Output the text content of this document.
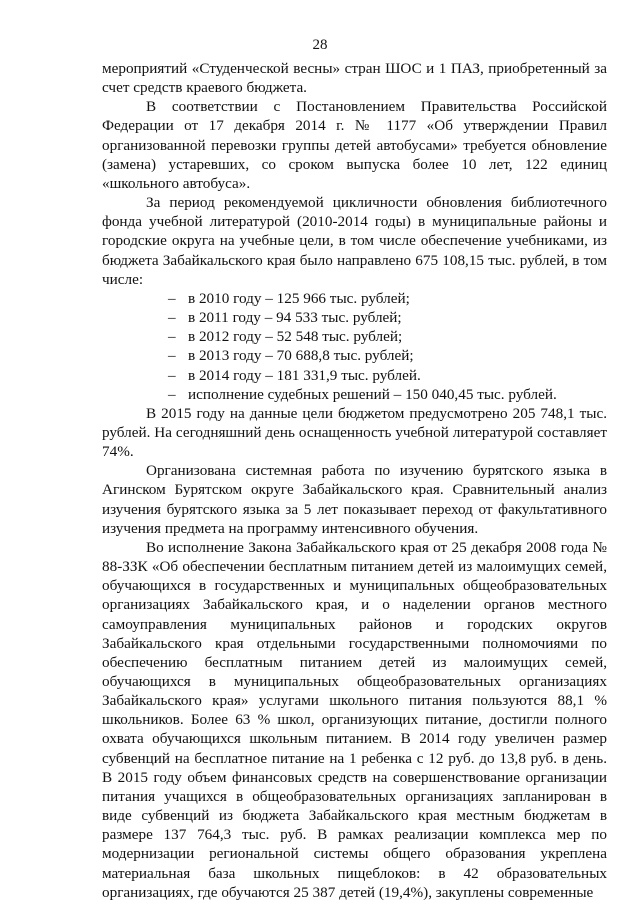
28

мероприятий «Студенческой весны» стран ШОС и 1 ПАЗ, приобретенный за счет средств краевого бюджета.

В соответствии с Постановлением Правительства Российской Федерации от 17 декабря 2014 г. № 1177 «Об утверждении Правил организованной перевозки группы детей автобусами» требуется обновление (замена) устаревших, со сроком выпуска более 10 лет, 122 единиц «школьного автобуса».

За период рекомендуемой цикличности обновления библиотечного фонда учебной литературой (2010-2014 годы) в муниципальные районы и городские округа на учебные цели, в том числе обеспечение учебниками, из бюджета Забайкальского края было направлено 675 108,15 тыс. рублей, в том числе:

– в 2010 году – 125 966 тыс. рублей;
– в 2011 году – 94 533 тыс. рублей;
– в 2012 году – 52 548 тыс. рублей;
– в 2013 году – 70 688,8 тыс. рублей;
– в 2014 году – 181 331,9 тыс. рублей.
– исполнение судебных решений – 150 040,45 тыс. рублей.

В 2015 году на данные цели бюджетом предусмотрено 205 748,1 тыс. рублей. На сегодняшний день оснащенность учебной литературой составляет 74%.

Организована системная работа по изучению бурятского языка в Агинском Бурятском округе Забайкальского края. Сравнительный анализ изучения бурятского языка за 5 лет показывает переход от факультативного изучения предмета на программу интенсивного обучения.

Во исполнение Закона Забайкальского края от 25 декабря 2008 года № 88-ЗЗК «Об обеспечении бесплатным питанием детей из малоимущих семей, обучающихся в государственных и муниципальных общеобразовательных организациях Забайкальского края, и о наделении органов местного самоуправления муниципальных районов и городских округов Забайкальского края отдельными государственными полномочиями по обеспечению бесплатным питанием детей из малоимущих семей, обучающихся в муниципальных общеобразовательных организациях Забайкальского края» услугами школьного питания пользуются 88,1 % школьников. Более 63 % школ, организующих питание, достигли полного охвата обучающихся школьным питанием. В 2014 году увеличен размер субвенций на бесплатное питание на 1 ребенка с 12 руб. до 13,8 руб. в день. В 2015 году объем финансовых средств на совершенствование организации питания учащихся в общеобразовательных организациях запланирован в виде субвенций из бюджета Забайкальского края местным бюджетам в размере 137 764,3 тыс. руб. В рамках реализации комплекса мер по модернизации региональной системы общего образования укреплена материальная база школьных пищеблоков: в 42 образовательных организациях, где обучаются 25 387 детей (19,4%), закуплены современные
